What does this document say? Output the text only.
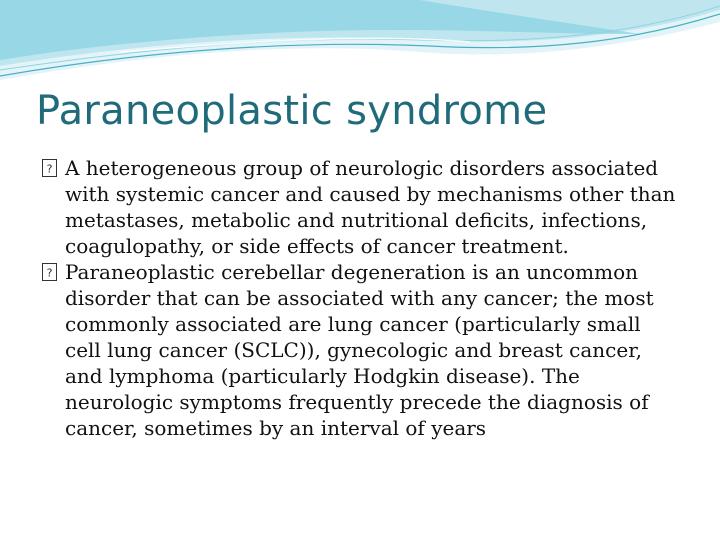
Paraneoplastic syndrome
? A heterogeneous group of neurologic disorders associated with systemic cancer and caused by mechanisms other than metastases, metabolic and nutritional deficits, infections, coagulopathy, or side effects of cancer treatment.
? Paraneoplastic cerebellar degeneration is an uncommon disorder that can be associated with any cancer; the most commonly associated are lung cancer (particularly small cell lung cancer (SCLC)), gynecologic and breast cancer, and lymphoma (particularly Hodgkin disease). The neurologic symptoms frequently precede the diagnosis of cancer, sometimes by an interval of years
